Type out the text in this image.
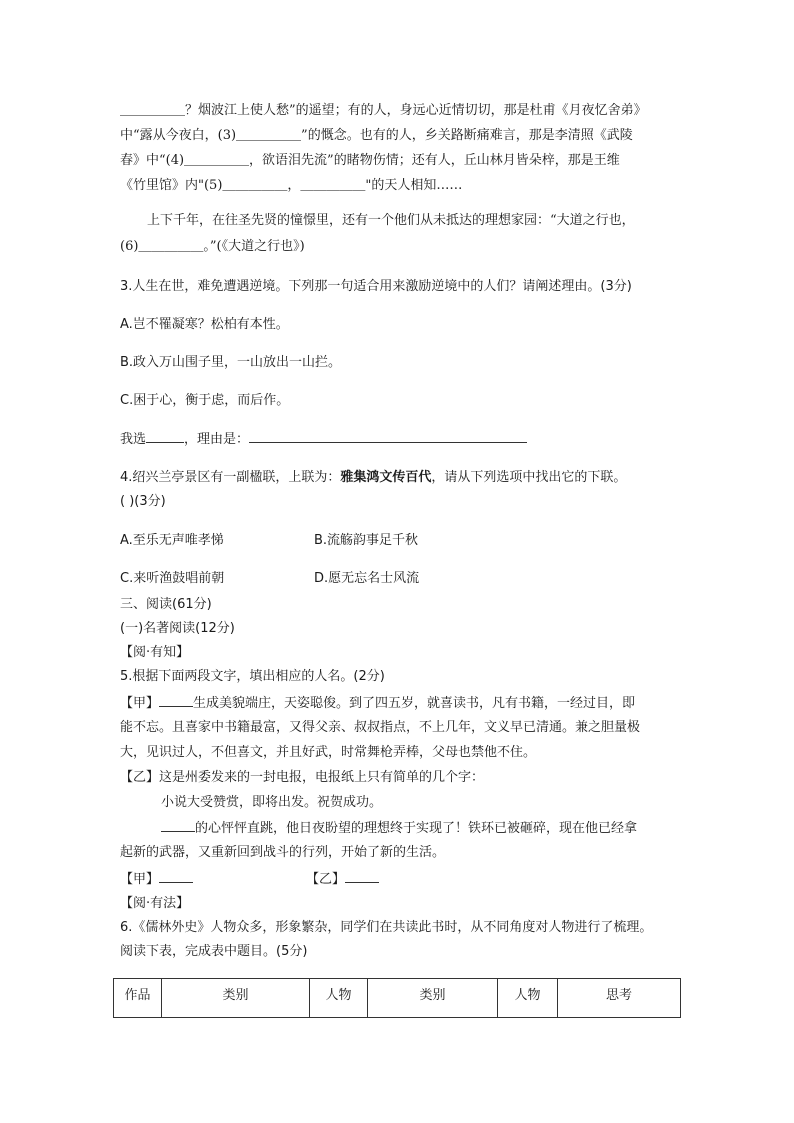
＿＿＿＿＿？烟波江上使人愁”的遥望；有的人，身远心近情切切，那是杜甫《月夜忆舍弟》
中“露从今夜白，(3)＿＿＿＿＿”的慨念。也有的人，乡关路断痛难言，那是李清照《武陵
春》中“(4)＿＿＿＿＿，欲语泪先流”的睹物伤情；还有人，丘山林月皆朵梓，那是王维
《竹里馆》内"(5)＿＿＿＿＿，＿＿＿＿＿"的天人相知……
上下千年，在往圣先贤的憧憬里，还有一个他们从未抵达的理想家园：“大道之行也，
(6)＿＿＿＿＿。”(《大道之行也》)
3.人生在世，难免遭遇逆境。下列那一句适合用来激励逆境中的人们？请阐述理由。(3分)
A.岂不罹凝寒？松柏有本性。
B.政入万山围子里，一山放出一山拦。
C.困于心，衡于虑，而后作。
我选	，理由是：
4.绍兴兰亭景区有一副楹联，上联为：雅集鸿文传百代，请从下列选项中找出它的下联。
( )(3分)
A.至乐无声唯孝悌	B.流觞韵事足千秋
C.来听渔鼓唱前朝	D.愿无忘名士风流
三、阅读(61分)
(一)名著阅读(12分)
【阅·有知】
5.根据下面两段文字，填出相应的人名。(2分)
【甲】	生成美貌端庄，天姿聪俊。到了四五岁，就喜读书，凡有书籍，一经过目，即
能不忘。且喜家中书籍最富，又得父亲、叔叔指点，不上几年，文义早已清通。兼之胆量极
大，见识过人，不但喜文，并且好武，时常舞枪弄棒，父母也禁他不住。
【乙】这是州委发来的一封电报，电报纸上只有简单的几个字：
小说大受赞赏，即将出发。祝贺成功。
的心怦怦直跳，他日夜盼望的理想终于实现了！铁环已被砸碎，现在他已经拿
起新的武器，又重新回到战斗的行列，开始了新的生活。
【甲】	【乙】
【阅·有法】
6.《儒林外史》人物众多，形象繁杂，同学们在共读此书时，从不同角度对人物进行了梳理。
阅读下表，完成表中题目。(5分)
作品	类别	人物	类别	人物	思考
